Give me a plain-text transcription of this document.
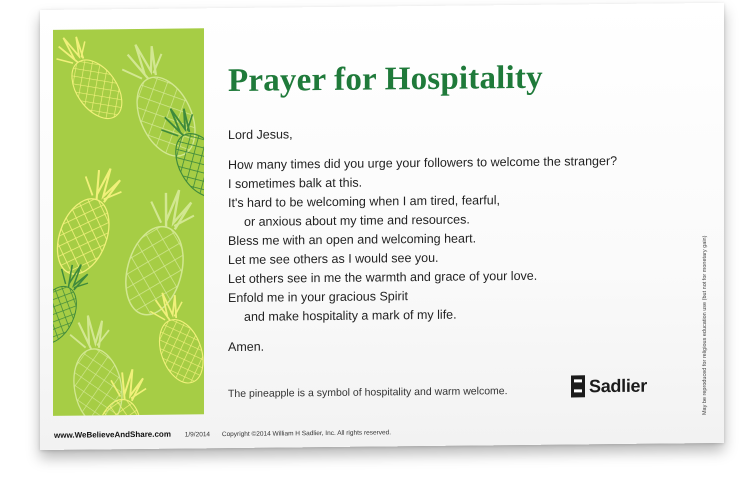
Prayer for Hospitality

Lord Jesus,

How many times did you urge your followers to welcome the stranger?

I sometimes balk at this.

It's hard to be welcoming when I am tired, fearful,

or anxious about my time and resources.

Bless me with an open and welcoming heart.

Let me see others as I would see you.

Let others see in me the warmth and grace of your love.

Enfold me in your gracious Spirit

and make hospitality a mark of my life.

Amen.

The pineapple is a symbol of hospitality and warm welcome.
www.WeBelieveAndShare.com 1/9/2014 Copyright ©2014 William H Sadlier, Inc. All rights reserved.
Sadlier	May be reproduced for religious education use (but not for monetary gain)
